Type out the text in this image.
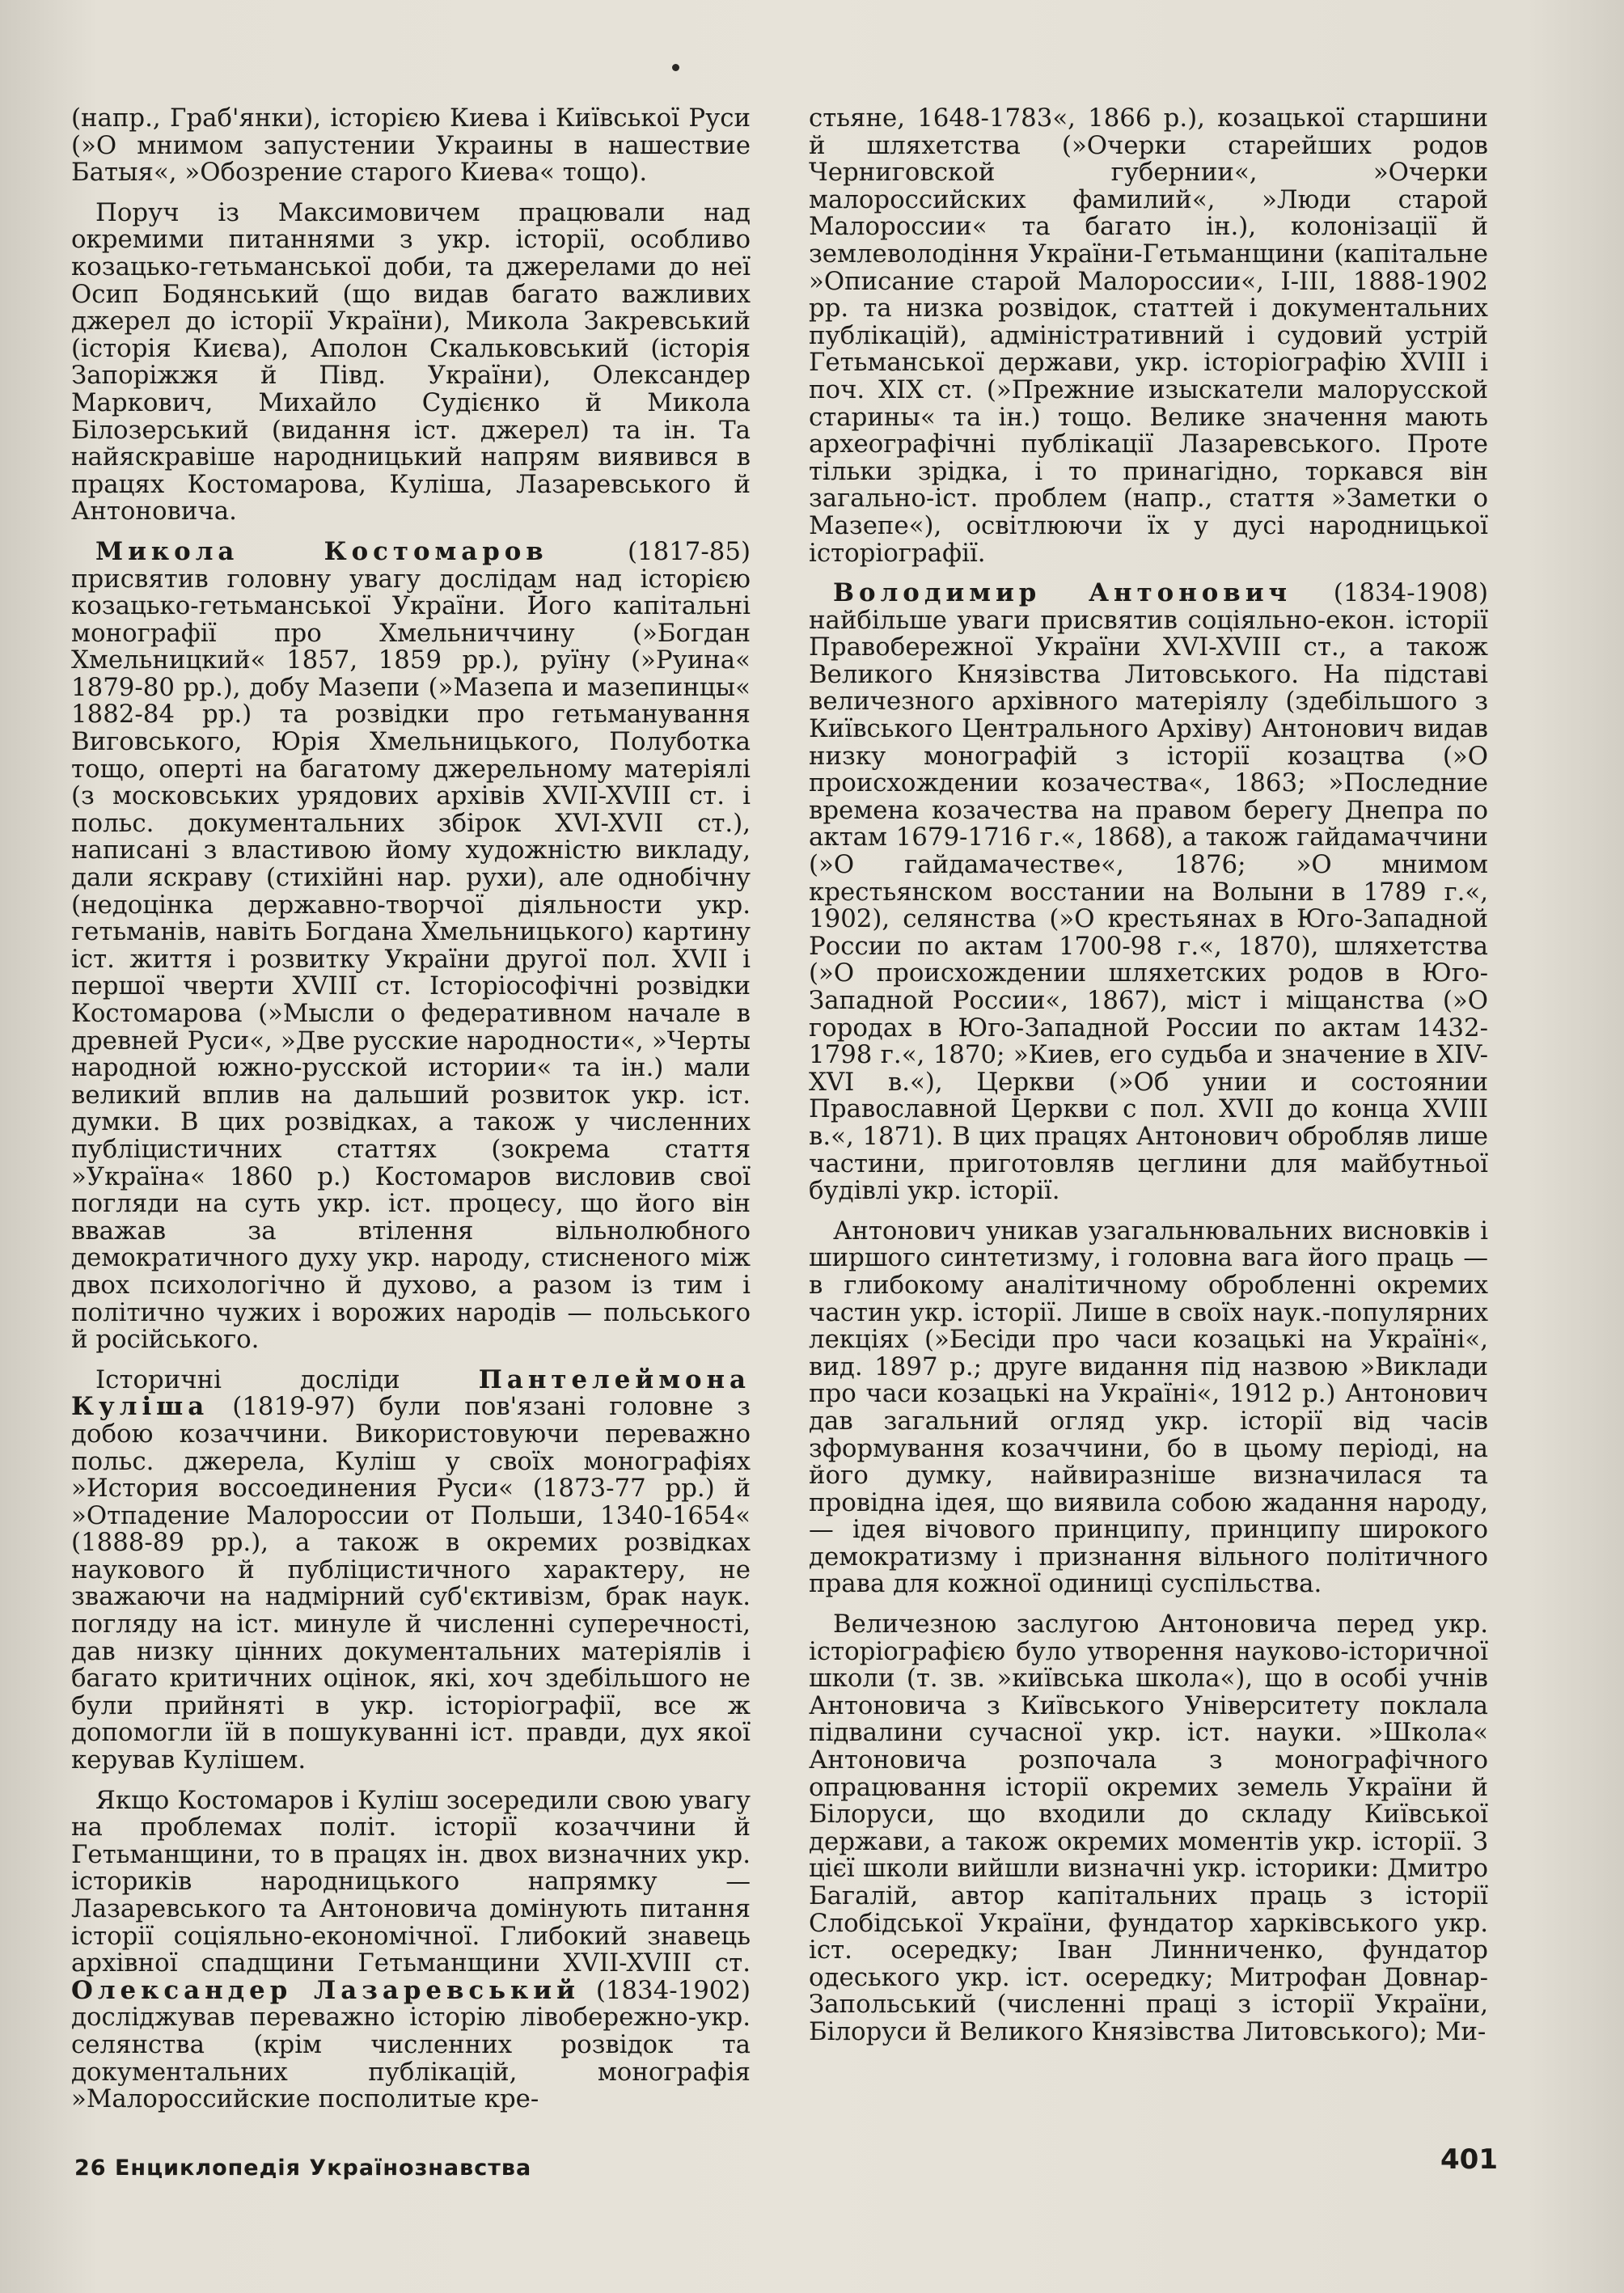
(напр., Граб'янки), історією Киева і Київської Руси (»О мнимом запустении Украины в нашествие Батыя«, »Обозрение старого Киева« тощо).

Поруч із Максимовичем працювали над окремими питаннями з укр. історії, особливо козацько-гетьманської доби, та джерелами до неї Осип Бодянський (що видав багато важливих джерел до історії України), Микола Закревський (історія Києва), Аполон Скальковський (історія Запоріжжя й Півд. України), Олександер Маркович, Михайло Судієнко й Микола Білозерський (видання іст. джерел) та ін. Та найяскравіше народницький напрям виявився в працях Костомарова, Куліша, Лазаревського й Антоновича.

Микола Костомаров (1817-85) присвятив головну увагу дослідам над історією козацько-гетьманської України. Його капітальні монографії про Хмельниччину (»Богдан Хмельницкий« 1857, 1859 рр.), руїну (»Руина« 1879-80 рр.), добу Мазепи (»Мазепа и мазепинцы« 1882-84 рр.) та розвідки про гетьманування Виговського, Юрія Хмельницького, Полуботка тощо, оперті на багатому джерельному матеріялі (з московських урядових архівів XVII-XVIII ст. і польс. документальних збірок XVI-XVII ст.), написані з властивою йому художністю викладу, дали яскраву (стихійні нар. рухи), але однобічну (недоцінка державно-творчої діяльности укр. гетьманів, навіть Богдана Хмельницького) картину іст. життя і розвитку України другої пол. XVII і першої чверти XVIII ст. Історіософічні розвідки Костомарова (»Мысли о федеративном начале в древней Руси«, »Две русские народности«, »Черты народной южно-русской истории« та ін.) мали великий вплив на дальший розвиток укр. іст. думки. В цих розвідках, а також у численних публіцистичних статтях (зокрема стаття »Україна« 1860 р.) Костомаров висловив свої погляди на суть укр. іст. процесу, що його він вважав за втілення вільнолюбного демократичного духу укр. народу, стисненого між двох психологічно й духово, а разом із тим і політично чужих і ворожих народів — польського й російського.

Історичні досліди Пантелеймона Куліша (1819-97) були пов'язані головне з добою козаччини. Використовуючи переважно польс. джерела, Куліш у своїх монографіях »История воссоединения Руси« (1873-77 рр.) й »Отпадение Малороссии от Польши, 1340-1654« (1888-89 рр.), а також в окремих розвідках наукового й публіцистичного характеру, не зважаючи на надмірний суб'єктивізм, брак наук. погляду на іст. минуле й численні суперечності, дав низку цінних документальних матеріялів і багато критичних оцінок, які, хоч здебільшого не були прийняті в укр. історіографії, все ж допомогли їй в пошукуванні іст. правди, дух якої керував Кулішем.

Якщо Костомаров і Куліш зосередили свою увагу на проблемах політ. історії козаччини й Гетьманщини, то в працях ін. двох визначних укр. істориків народницького напрямку — Лазаревського та Антоновича домінують питання історії соціяльно-економічної. Глибокий знавець архівної спадщини Гетьманщини XVII-XVIII ст. Олександер Лазаревський (1834-1902) досліджував переважно історію лівобережно-укр. селянства (крім численних розвідок та документальних публікацій, монографія »Малороссийские посполитые кре-

стьяне, 1648-1783«, 1866 р.), козацької старшини й шляхетства (»Очерки старейших родов Черниговской губернии«, »Очерки малороссийских фамилий«, »Люди старой Малороссии« та багато ін.), колонізації й землеволодіння України-Гетьманщини (капітальне »Описание старой Малороссии«, I-III, 1888-1902 рр. та низка розвідок, статтей і документальних публікацій), адміністративний і судовий устрій Гетьманської держави, укр. історіографію XVIII і поч. XIX ст. (»Прежние изыскатели малорусской старины« та ін.) тощо. Велике значення мають археографічні публікації Лазаревського. Проте тільки зрідка, і то принагідно, торкався він загально-іст. проблем (напр., стаття »Заметки о Мазепе«), освітлюючи їх у дусі народницької історіографії.

Володимир Антонович (1834-1908) найбільше уваги присвятив соціяльно-екон. історії Правобережної України XVI-XVIII ст., а також Великого Князівства Литовського. На підставі величезного архівного матеріялу (здебільшого з Київського Центрального Архіву) Антонович видав низку монографій з історії козацтва (»О происхождении козачества«, 1863; »Последние времена козачества на правом берегу Днепра по актам 1679-1716 г.«, 1868), а також гайдамаччини (»О гайдамачестве«, 1876; »О мнимом крестьянском восстании на Волыни в 1789 г.«, 1902), селянства (»О крестьянах в Юго-Западной России по актам 1700-98 г.«, 1870), шляхетства (»О происхождении шляхетских родов в Юго-Западной России«, 1867), міст і міщанства (»О городах в Юго-Западной России по актам 1432-1798 г.«, 1870; »Киев, его судьба и значение в XIV-XVI в.«), Церкви (»Об унии и состоянии Православной Церкви с пол. XVII до конца XVIII в.«, 1871). В цих працях Антонович обробляв лише частини, приготовляв цеглини для майбутньої будівлі укр. історії.

Антонович уникав узагальнювальних висновків і ширшого синтетизму, і головна вага його праць — в глибокому аналітичному обробленні окремих частин укр. історії. Лише в своїх наук.-популярних лекціях (»Бесіди про часи козацькі на Україні«, вид. 1897 р.; друге видання під назвою »Виклади про часи козацькі на Україні«, 1912 р.) Антонович дав загальний огляд укр. історії від часів зформування козаччини, бо в цьому періоді, на його думку, найвиразніше визначилася та провідна ідея, що виявила собою жадання народу, — ідея вічового принципу, принципу широкого демократизму і признання вільного політичного права для кожної одиниці суспільства.

Величезною заслугою Антоновича перед укр. історіографією було утворення науково-історичної школи (т. зв. »київська школа«), що в особі учнів Антоновича з Київського Університету поклала підвалини сучасної укр. іст. науки. »Школа« Антоновича розпочала з монографічного опрацювання історії окремих земель України й Білоруси, що входили до складу Київської держави, а також окремих моментів укр. історії. З цієї школи вийшли визначні укр. історики: Дмитро Багалій, автор капітальних праць з історії Слобідської України, фундатор харківського укр. іст. осередку; Іван Линниченко, фундатор одеського укр. іст. осередку; Митрофан Довнар-Запольський (численні праці з історії України, Білоруси й Великого Князівства Литовського); Ми-

26 Енциклопедія Українознавства	401
